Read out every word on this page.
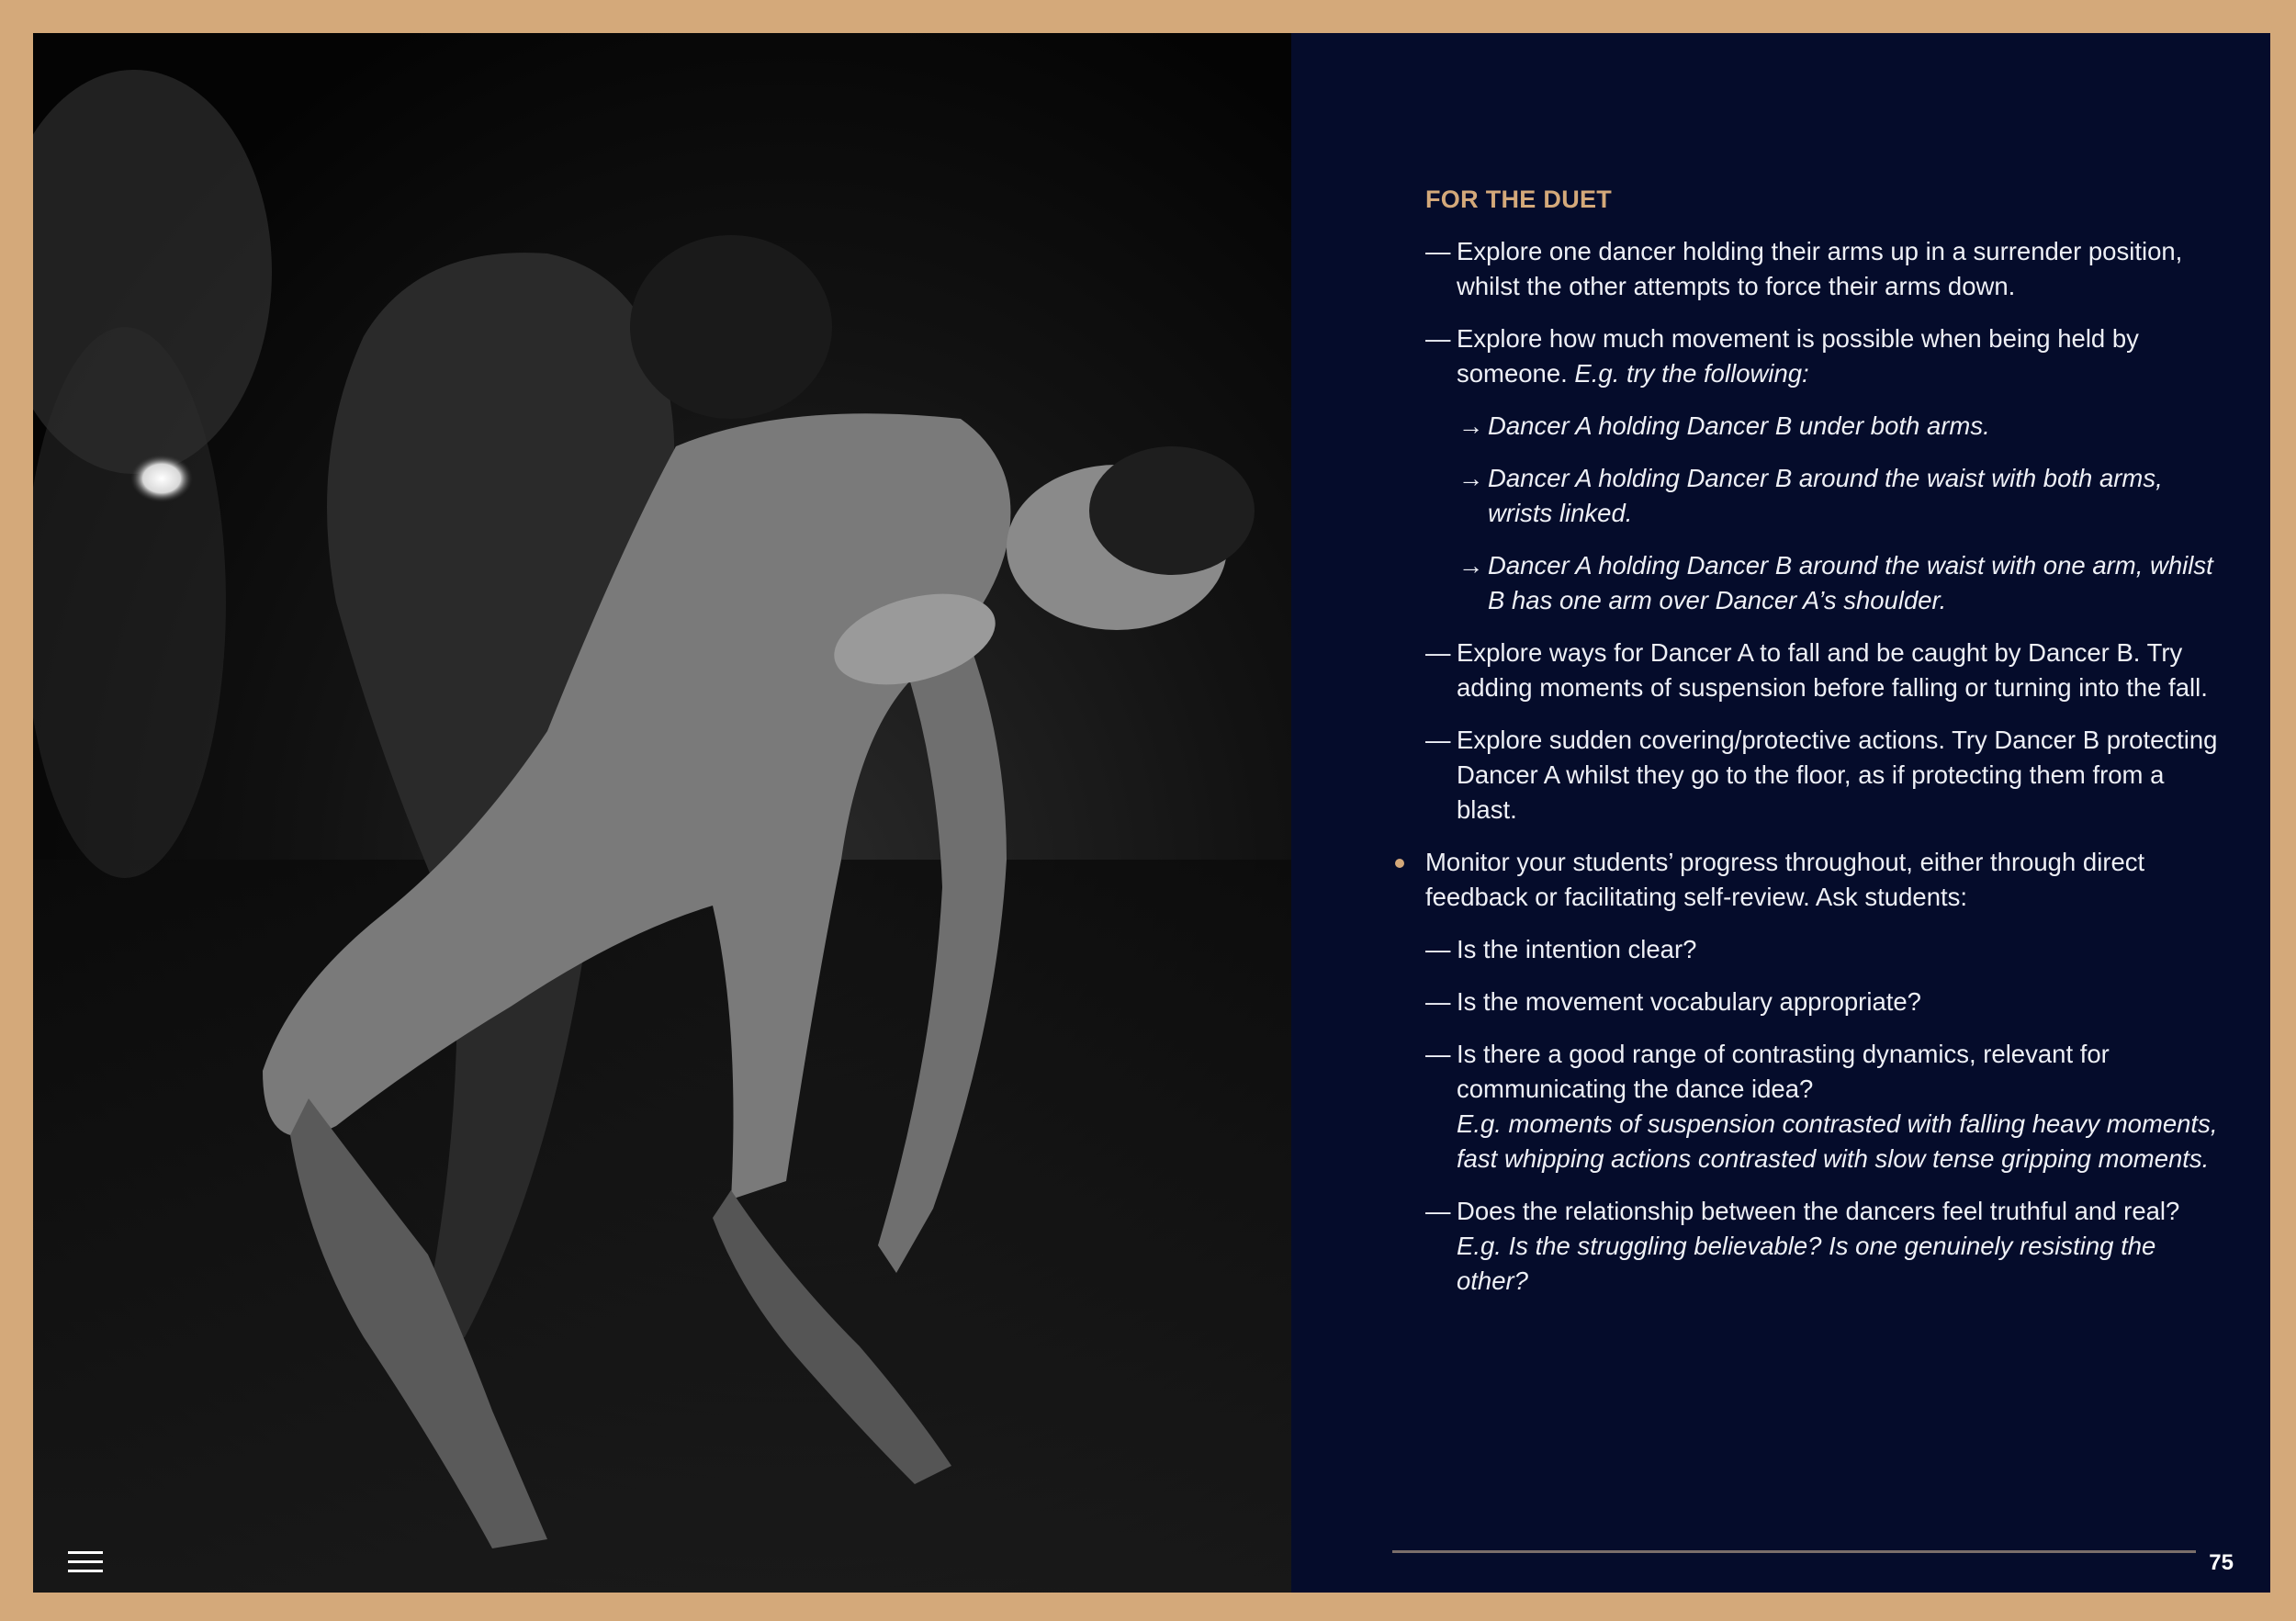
FOR THE DUET
— Explore one dancer holding their arms up in a surrender position, whilst the other attempts to force their arms down.
— Explore how much movement is possible when being held by someone. E.g. try the following:
→ Dancer A holding Dancer B under both arms.
→ Dancer A holding Dancer B around the waist with both arms, wrists linked.
→ Dancer A holding Dancer B around the waist with one arm, whilst B has one arm over Dancer A’s shoulder.
— Explore ways for Dancer A to fall and be caught by Dancer B. Try adding moments of suspension before falling or turning into the fall.
— Explore sudden covering/protective actions. Try Dancer B protecting Dancer A whilst they go to the floor, as if protecting them from a blast.
Monitor your students’ progress throughout, either through direct feedback or facilitating self-review. Ask students:
— Is the intention clear?
— Is the movement vocabulary appropriate?
— Is there a good range of contrasting dynamics, relevant for communicating the dance idea?
E.g. moments of suspension contrasted with falling heavy moments, fast whipping actions contrasted with slow tense gripping moments.
— Does the relationship between the dancers feel truthful and real?
E.g. Is the struggling believable? Is one genuinely resisting the other?
75
